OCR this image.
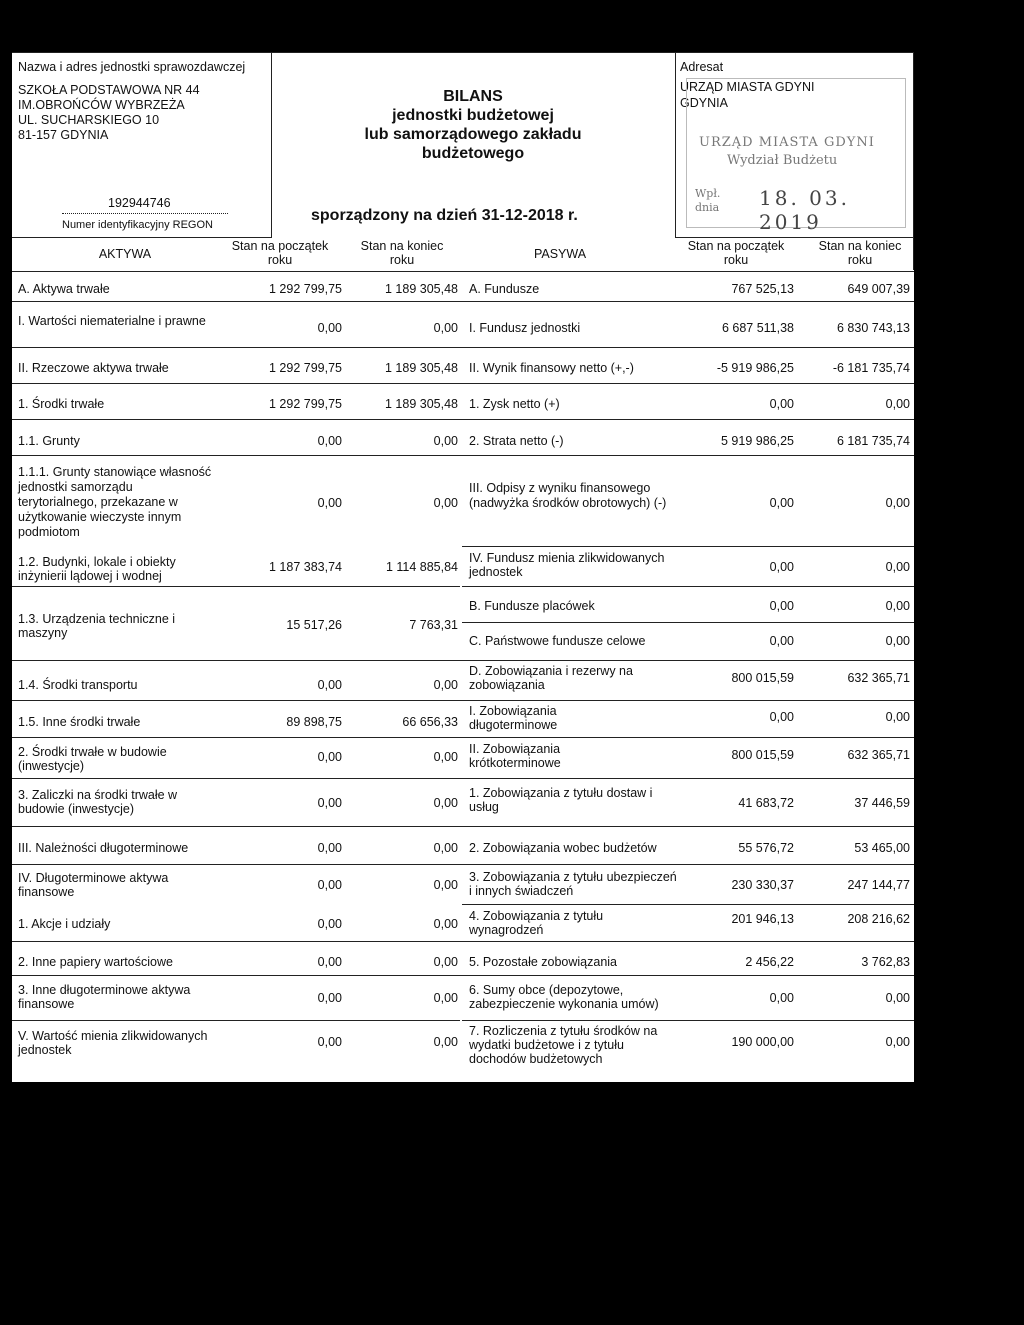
Nazwa i adres jednostki sprawozdawczej
SZKOŁA PODSTAWOWA NR 44
IM.OBROŃCÓW WYBRZEŻA
UL. SUCHARSKIEGO 10
81-157 GDYNIA
192944746
Numer identyfikacyjny REGON
BILANS
jednostki budżetowej
lub samorządowego zakładu
budżetowego
sporządzony na dzień 31-12-2018 r.
Adresat
URZĄD MIASTA GDYNI
GDYNIA
URZĄD MIASTA GDYNI
Wydział Budżetu
Wpł.
dnia 18. 03. 2019
AKTYWA
Stan na początek roku
Stan na koniec roku	PASYWA
Stan na początek roku
Stan na koniec roku
A. Aktywa trwałe	1 292 799,75	1 189 305,48
I. Wartości niematerialne i prawne	0,00	0,00
II. Rzeczowe aktywa trwałe	1 292 799,75	1 189 305,48
1. Środki trwałe	1 292 799,75	1 189 305,48
1.1. Grunty	0,00	0,00
1.1.1. Grunty stanowiące własność jednostki samorządu terytorialnego, przekazane w użytkowanie wieczyste innym podmiotom
0,00	0,00
1.2. Budynki, lokale i obiekty inżynierii lądowej i wodnej
1 187 383,74	1 114 885,84
1.3. Urządzenia techniczne i maszyny
15 517,26	7 763,31
1.4. Środki transportu	0,00	0,00
1.5. Inne środki trwałe	89 898,75	66 656,33
2. Środki trwałe w budowie (inwestycje)
0,00	0,00
3. Zaliczki na środki trwałe w budowie (inwestycje)	0,00	0,00
III. Należności długoterminowe	0,00	0,00
IV. Długoterminowe aktywa finansowe	0,00	0,00
1. Akcje i udziały	0,00	0,00
2. Inne papiery wartościowe	0,00	0,00
3. Inne długoterminowe aktywa finansowe	0,00	0,00
V. Wartość mienia zlikwidowanych jednostek
0,00	0,00
A. Fundusze	767 525,13	649 007,39
I. Fundusz jednostki	6 687 511,38	6 830 743,13
II. Wynik finansowy netto (+,-)	-5 919 986,25	-6 181 735,74
1. Zysk netto (+)	0,00	0,00
2. Strata netto (-)	5 919 986,25	6 181 735,74
III. Odpisy z wyniku finansowego (nadwyżka środków obrotowych) (-)	0,00	0,00
IV. Fundusz mienia zlikwidowanych jednostek	0,00	0,00
B. Fundusze placówek	0,00	0,00
C. Państwowe fundusze celowe	0,00	0,00
D. Zobowiązania i rezerwy na zobowiązania	800 015,59	632 365,71
I. Zobowiązania długoterminowe
0,00	0,00
II. Zobowiązania krótkoterminowe
800 015,59	632 365,71
1. Zobowiązania z tytułu dostaw i usług	41 683,72	37 446,59
2. Zobowiązania wobec budżetów	55 576,72	53 465,00
3. Zobowiązania z tytułu ubezpieczeń i innych świadczeń	230 330,37	247 144,77
4. Zobowiązania z tytułu wynagrodzeń
201 946,13	208 216,62
5. Pozostałe zobowiązania	2 456,22	3 762,83
6. Sumy obce (depozytowe, zabezpieczenie wykonania umów)	0,00	0,00
7. Rozliczenia z tytułu środków na wydatki budżetowe i z tytułu dochodów budżetowych
190 000,00	0,00
